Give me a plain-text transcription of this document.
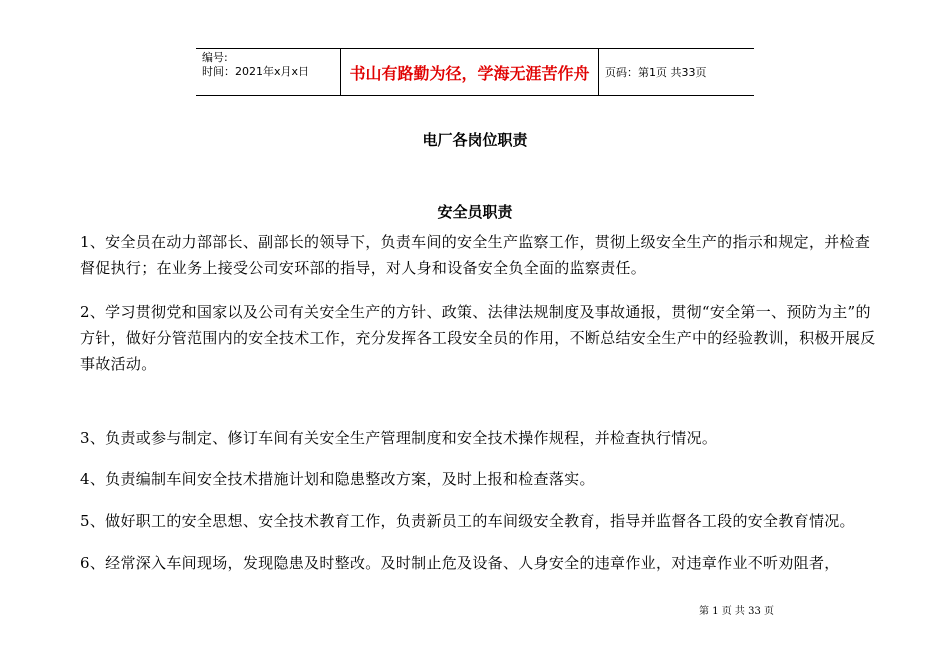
编号:
时间：2021年x月x日	书山有路勤为径，学海无涯苦作舟	页码：第1页 共33页
电厂各岗位职责
安全员职责
1、安全员在动力部部长、副部长的领导下，负责车间的安全生产监察工作，贯彻上级安全生产的指示和规定，并检查督促执行；在业务上接受公司安环部的指导，对人身和设备安全负全面的监察责任。
2、学习贯彻党和国家以及公司有关安全生产的方针、政策、法律法规制度及事故通报，贯彻“安全第一、预防为主”的方针，做好分管范围内的安全技术工作，充分发挥各工段安全员的作用，不断总结安全生产中的经验教训，积极开展反事故活动。
3、负责或参与制定、修订车间有关安全生产管理制度和安全技术操作规程，并检查执行情况。
4、负责编制车间安全技术措施计划和隐患整改方案，及时上报和检查落实。
5、做好职工的安全思想、安全技术教育工作，负责新员工的车间级安全教育，指导并监督各工段的安全教育情况。
6、经常深入车间现场，发现隐患及时整改。及时制止危及设备、人身安全的违章作业，对违章作业不听劝阻者，
第 1 页 共 33 页
